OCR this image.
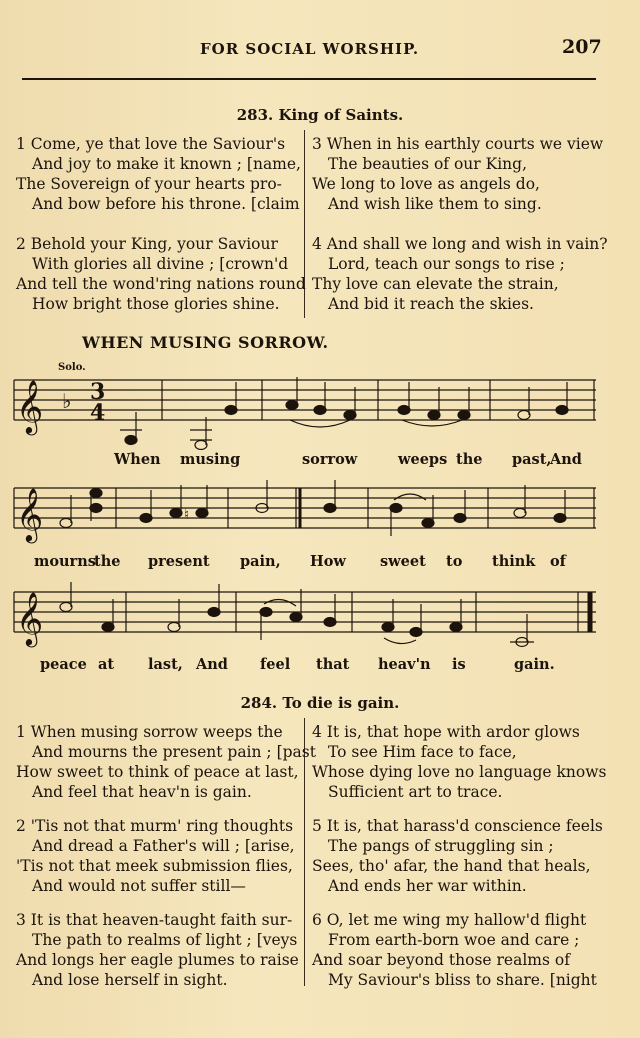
FOR SOCIAL WORSHIP.	207
283. King of Saints.
1 Come, ye that love the Saviour's
And joy to make it known ; [name,
The Sovereign of your hearts pro-
And bow before his throne. [claim
2 Behold your King, your Saviour
With glories all divine ; [crown'd
And tell the wond'ring nations round
How bright those glories shine.
3 When in his earthly courts we view
The beauties of our King,
We long to love as angels do,
And wish like them to sing.
4 And shall we long and wish in vain?
Lord, teach our songs to rise ;
Thy love can elevate the strain,
And bid it reach the skies.
WHEN MUSING SORROW.
Solo.
𝄞 ♭ 3
4
When musing	sorrow	weeps the past,
And
𝄞	♮
mourns
the present pain, How sweet to think of
𝄞
peace at last, And feel that heav'n is	gain.
284. To die is gain.
1 When musing sorrow weeps the
And mourns the present pain ; [past
How sweet to think of peace at last,
And feel that heav'n is gain.
2 'Tis not that murm' ring thoughts
And dread a Father's will ; [arise,
'Tis not that meek submission flies,
And would not suffer still—
3 It is that heaven-taught faith sur-
The path to realms of light ; [veys
And longs her eagle plumes to raise
And lose herself in sight.
4 It is, that hope with ardor glows
To see Him face to face,
Whose dying love no language knows
Sufficient art to trace.
5 It is, that harass'd conscience feels
The pangs of struggling sin ;
Sees, tho' afar, the hand that heals,
And ends her war within.
6 O, let me wing my hallow'd flight
From earth-born woe and care ;
And soar beyond those realms of
My Saviour's bliss to share. [night
